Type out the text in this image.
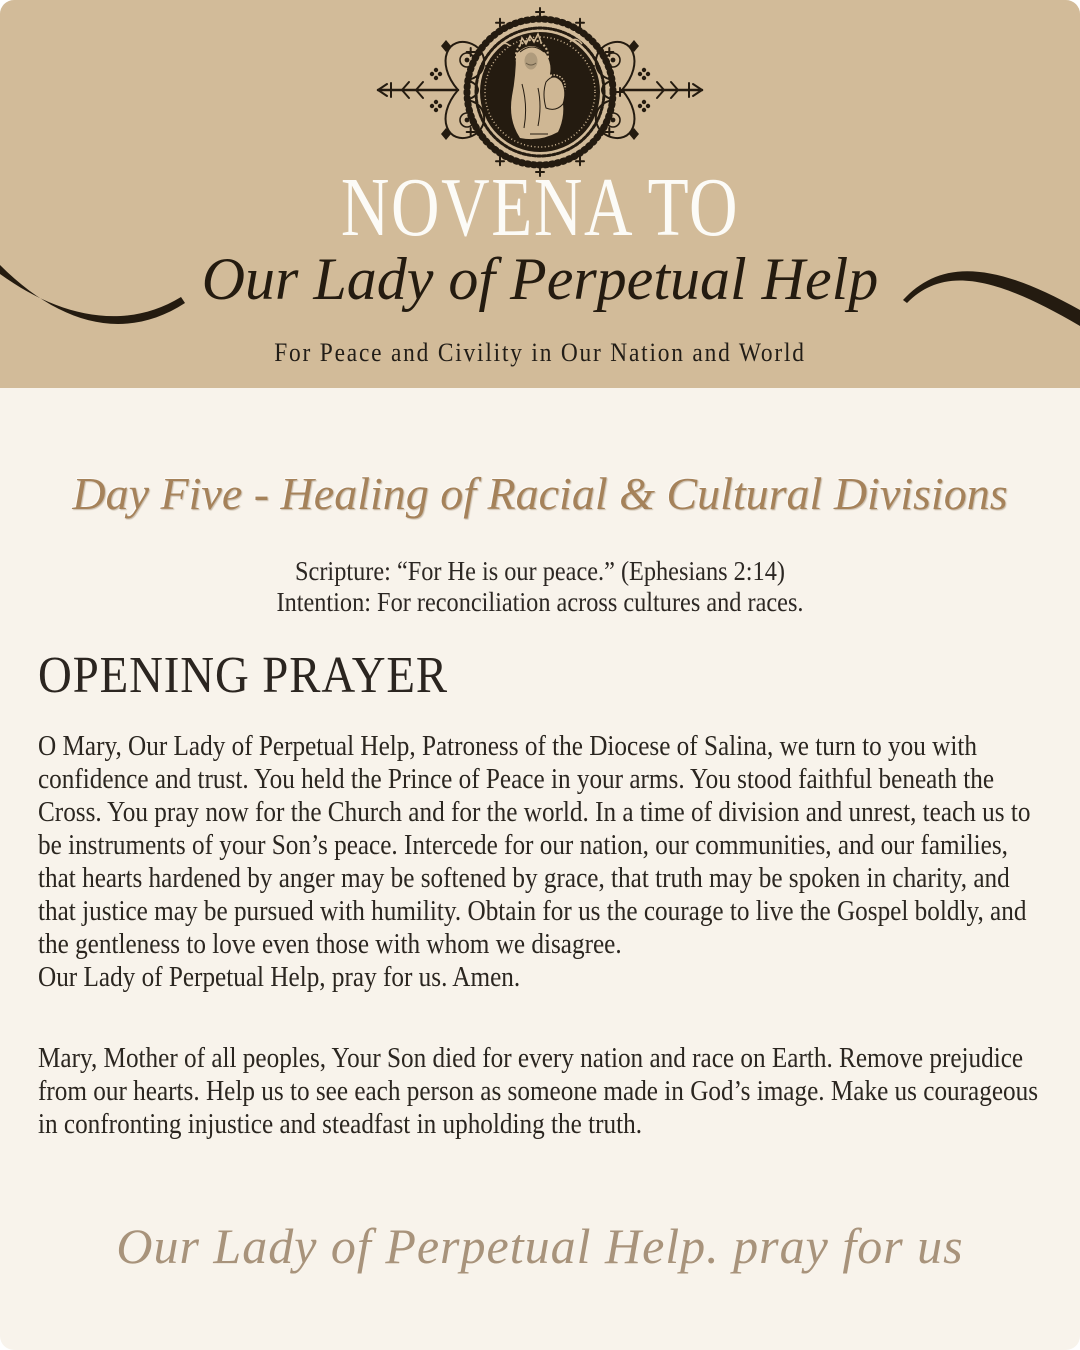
NOVENA TO
Our Lady of Perpetual Help
For Peace and Civility in Our Nation and World
Day Five - Healing of Racial & Cultural Divisions
Scripture: “For He is our peace.” (Ephesians 2:14)
Intention: For reconciliation across cultures and races.
OPENING PRAYER

O Mary, Our Lady of Perpetual Help, Patroness of the Diocese of Salina, we turn to you with confidence and trust. You held the Prince of Peace in your arms. You stood faithful beneath the Cross. You pray now for the Church and for the world. In a time of division and unrest, teach us to be instruments of your Son’s peace. Intercede for our nation, our communities, and our families, that hearts hardened by anger may be softened by grace, that truth may be spoken in charity, and that justice may be pursued with humility. Obtain for us the courage to live the Gospel boldly, and the gentleness to love even those with whom we disagree.

Our Lady of Perpetual Help, pray for us. Amen.

Mary, Mother of all peoples, Your Son died for every nation and race on Earth. Remove prejudice from our hearts. Help us to see each person as someone made in God’s image. Make us courageous in confronting injustice and steadfast in upholding the truth.

Our Lady of Perpetual Help. pray for us
